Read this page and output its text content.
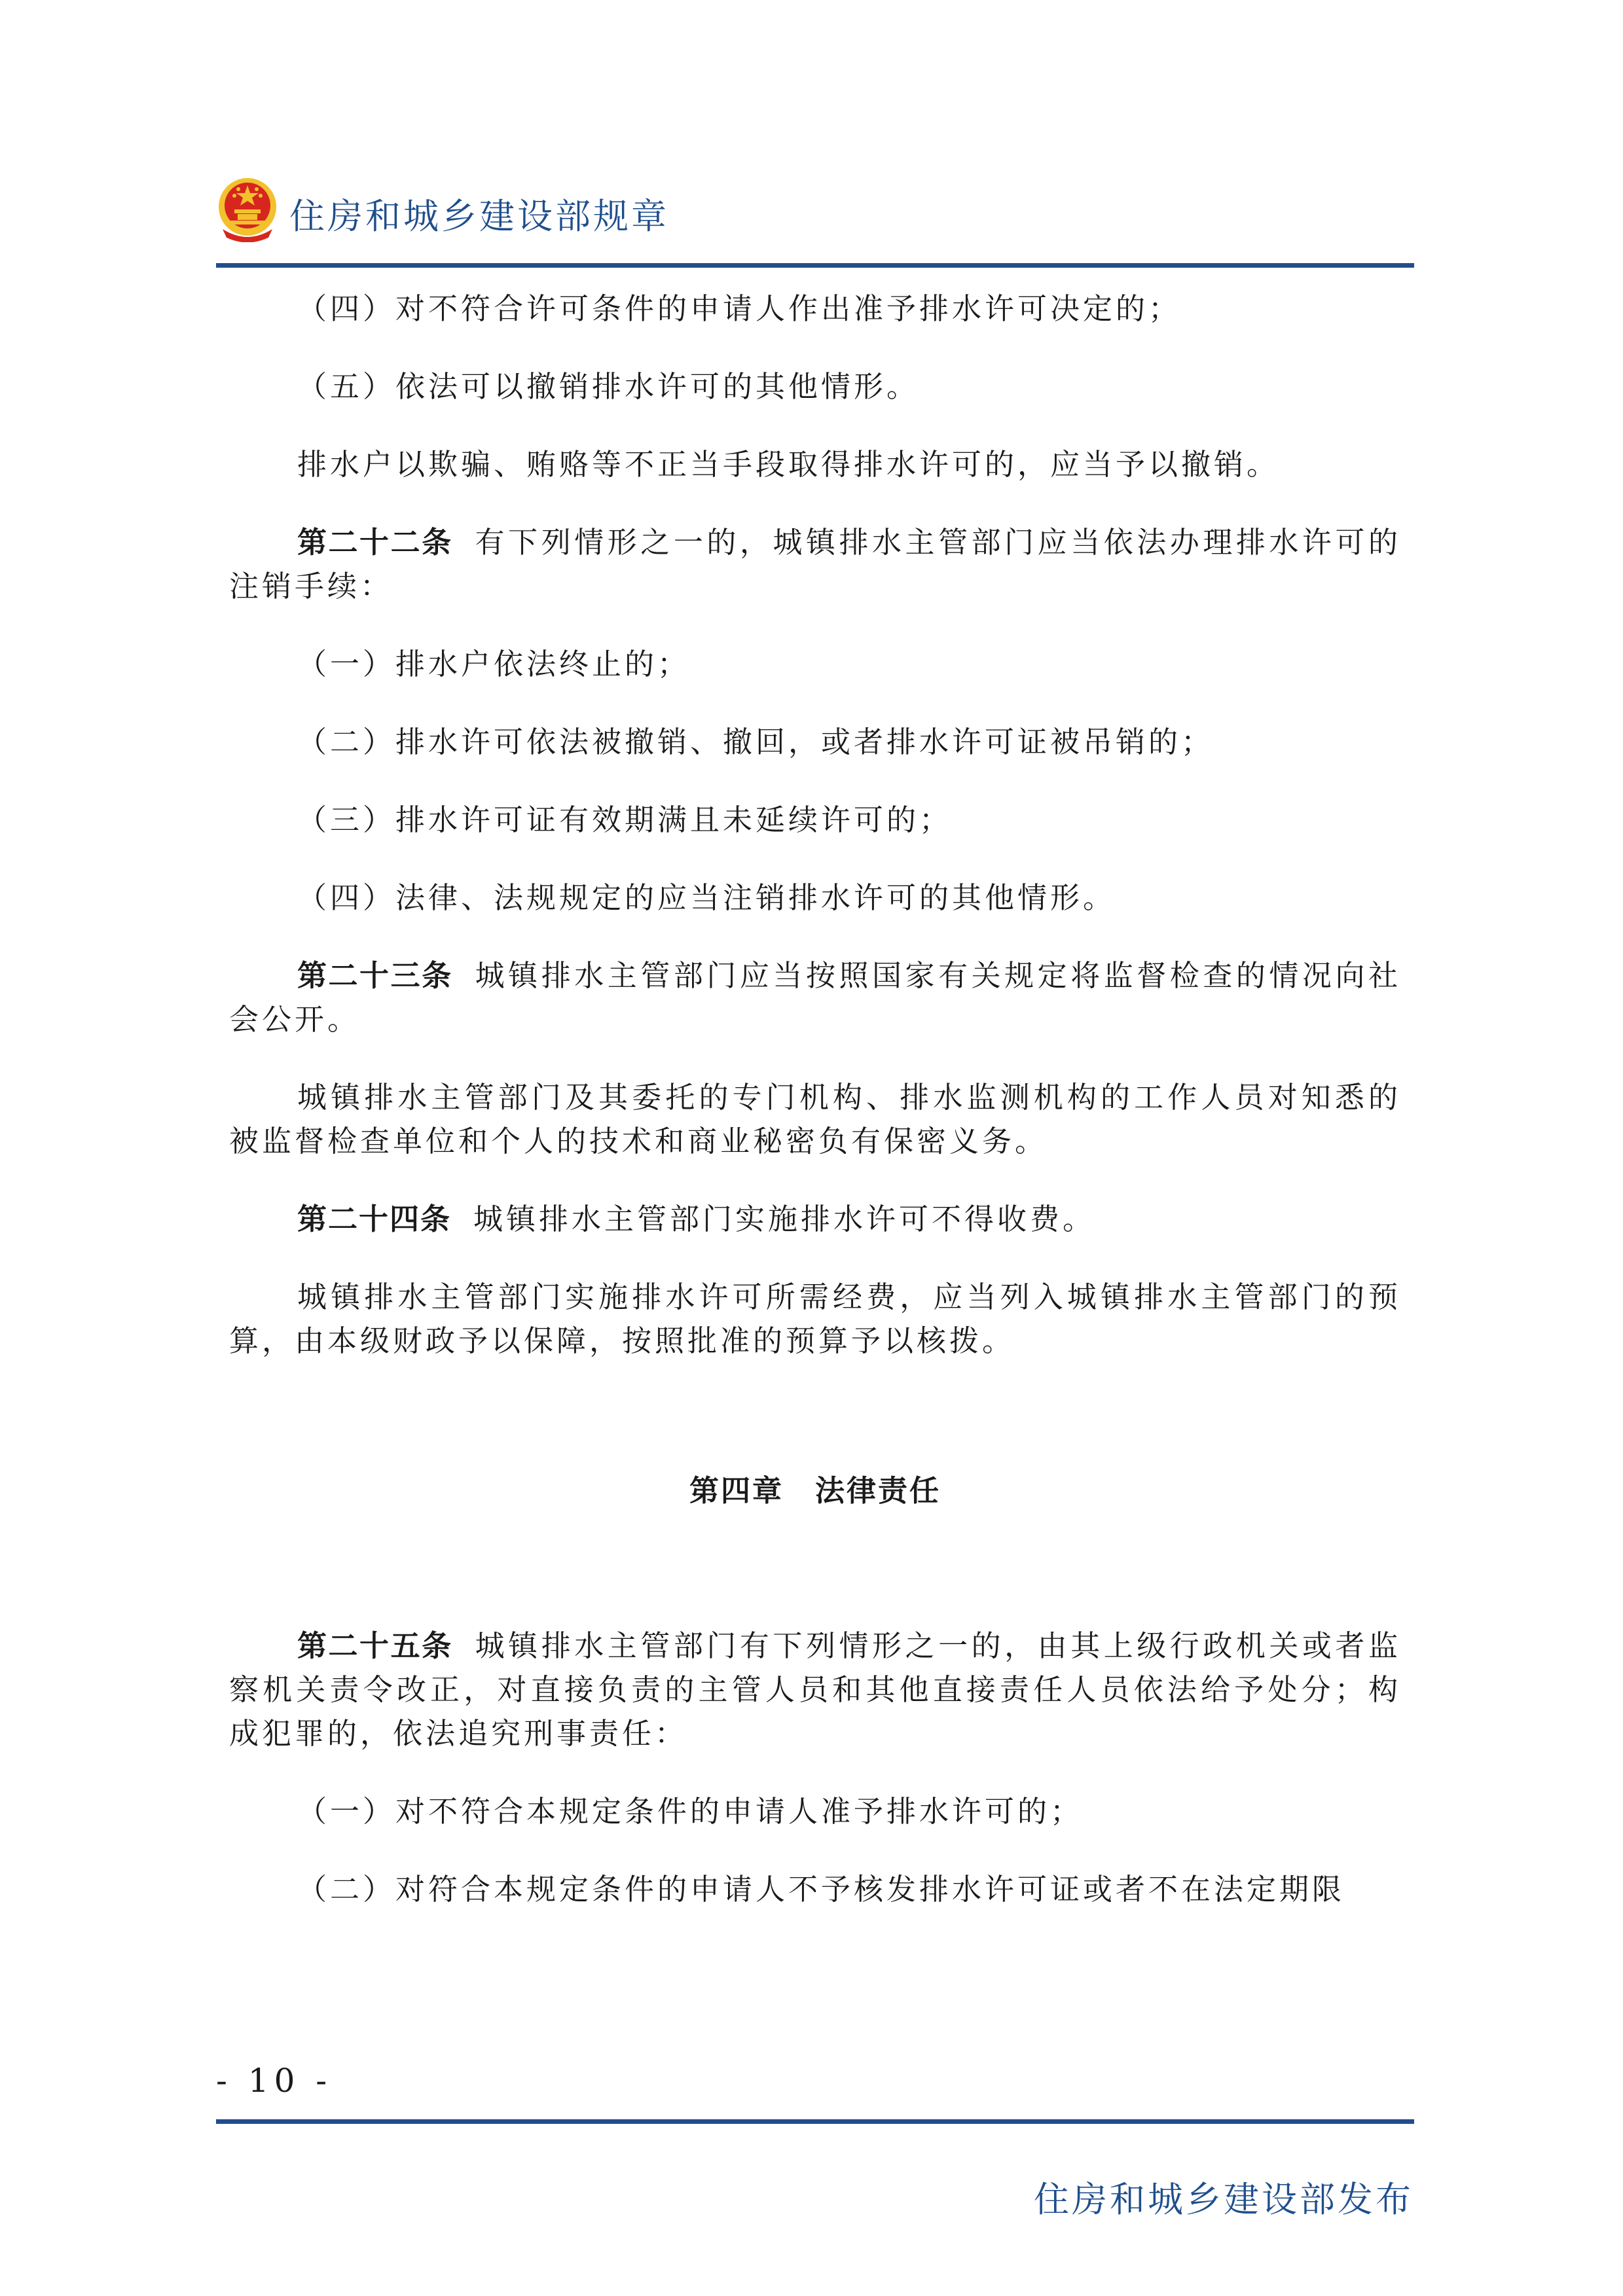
住房和城乡建设部规章

（四）对不符合许可条件的申请人作出准予排水许可决定的；

（五）依法可以撤销排水许可的其他情形。

排水户以欺骗、贿赂等不正当手段取得排水许可的，应当予以撤销。

第二十二条 有下列情形之一的，城镇排水主管部门应当依法办理排水许可的注销手续：

（一）排水户依法终止的；

（二）排水许可依法被撤销、撤回，或者排水许可证被吊销的；

（三）排水许可证有效期满且未延续许可的；

（四）法律、法规规定的应当注销排水许可的其他情形。

第二十三条 城镇排水主管部门应当按照国家有关规定将监督检查的情况向社会公开。

城镇排水主管部门及其委托的专门机构、排水监测机构的工作人员对知悉的被监督检查单位和个人的技术和商业秘密负有保密义务。

第二十四条 城镇排水主管部门实施排水许可不得收费。

城镇排水主管部门实施排水许可所需经费，应当列入城镇排水主管部门的预算，由本级财政予以保障，按照批准的预算予以核拨。

第四章　法律责任

第二十五条 城镇排水主管部门有下列情形之一的，由其上级行政机关或者监察机关责令改正，对直接负责的主管人员和其他直接责任人员依法给予处分；构成犯罪的，依法追究刑事责任：

（一）对不符合本规定条件的申请人准予排水许可的；

（二）对符合本规定条件的申请人不予核发排水许可证或者不在法定期限

- 10 -
住房和城乡建设部发布
